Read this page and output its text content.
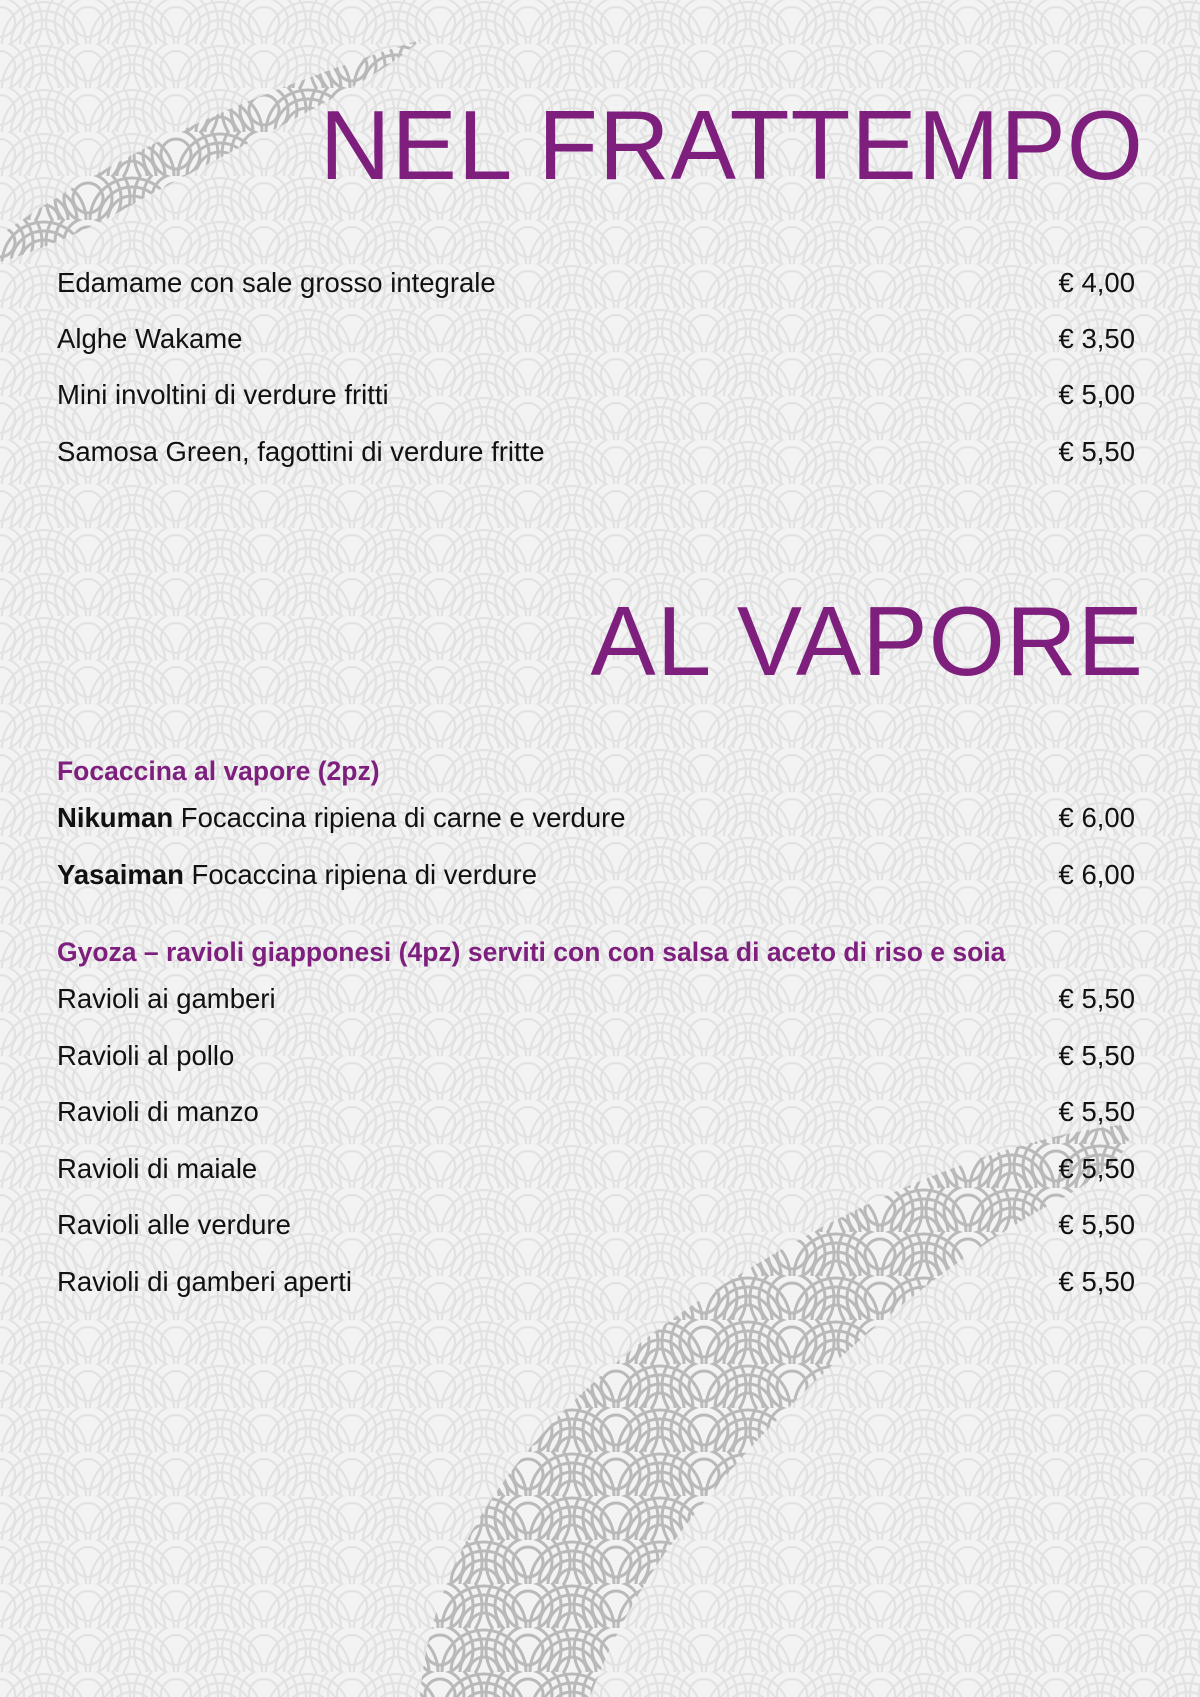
NEL FRATTEMPO
Edamame con sale grosso integrale	€ 4,00
Alghe Wakame	€ 3,50
Mini involtini di verdure fritti	€ 5,00
Samosa Green, fagottini di verdure fritte	€ 5,50
AL VAPORE
Focaccina al vapore (2pz)
Nikuman Focaccina ripiena di carne e verdure	€ 6,00
Yasaiman Focaccina ripiena di verdure	€ 6,00
Gyoza – ravioli giapponesi (4pz) serviti con con salsa di aceto di riso e soia
Ravioli ai gamberi	€ 5,50
Ravioli al pollo	€ 5,50
Ravioli di manzo	€ 5,50
Ravioli di maiale	€ 5,50
Ravioli alle verdure	€ 5,50
Ravioli di gamberi aperti	€ 5,50
